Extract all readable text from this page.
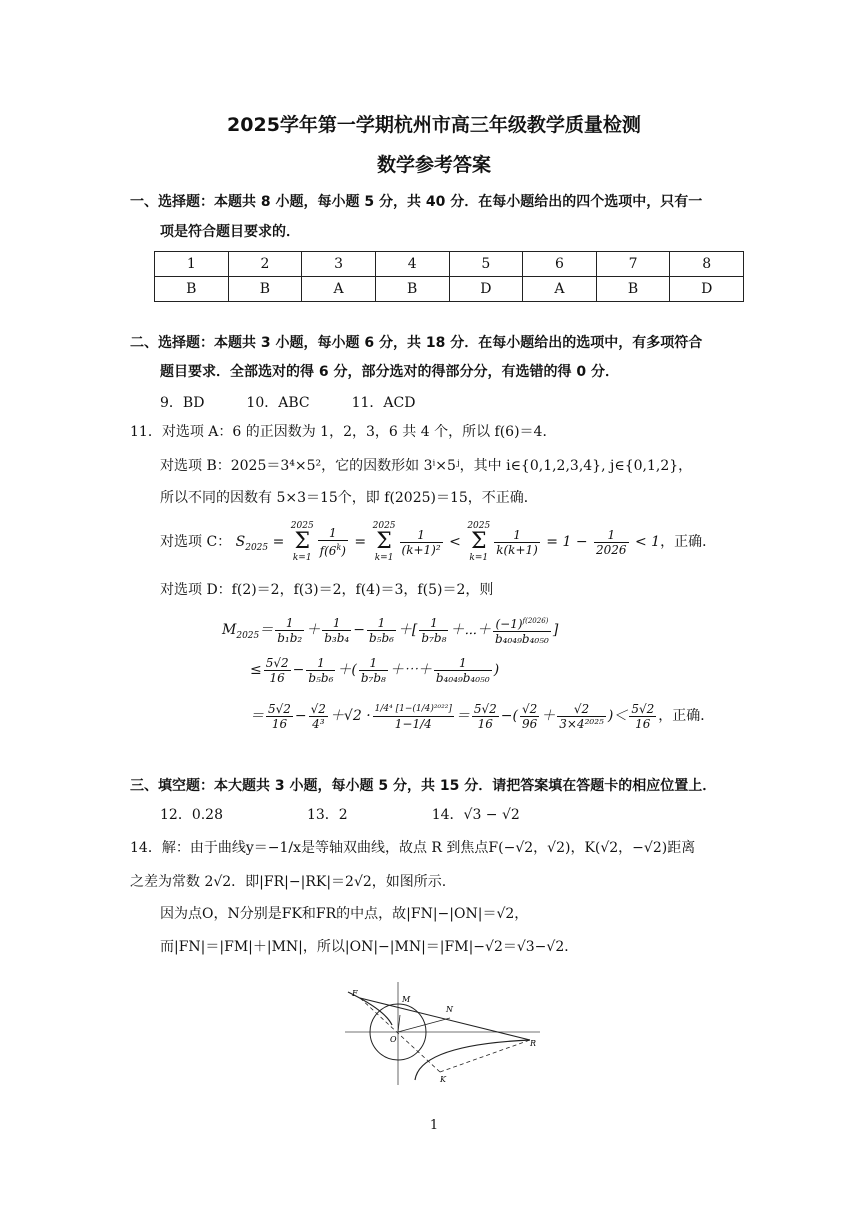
2025学年第一学期杭州市高三年级教学质量检测
数学参考答案
一、选择题：本题共 8 小题，每小题 5 分，共 40 分．在每小题给出的四个选项中，只有一
项是符合题目要求的．
1	2	3	4	5	6	7	8
B	B	A	B	D	A	B	D
二、选择题：本题共 3 小题，每小题 6 分，共 18 分．在每小题给出的选项中，有多项符合
题目要求．全部选对的得 6 分，部分选对的得部分分，有选错的得 0 分．
9．BD　　　10．ABC　　　11．ACD
11．对选项 A：6 的正因数为 1，2，3，6 共 4 个，所以 f(6)＝4．
对选项 B：2025＝3⁴×5²，它的因数形如 3ⁱ×5ʲ，其中 i∈{0,1,2,3,4}, j∈{0,1,2}，
所以不同的因数有 5×3＝15个，即 f(2025)＝15，不正确．
对选项 C： $S_{2025} = 2025$
Σ
$k=1 \frac{1}{f(6^k)} = 2025$
Σ
k=1
$\frac{1}{\text{(k+1)²}} < 2025$
Σ
k=1
$\frac{1}{k(k+1)} = 1 - \frac{1}{2026} < 1$，正确．
对选项 D：f(2)＝2，f(3)＝2，f(4)＝3，f(5)＝2，则
$M_{2025}= \frac{1}{\text{b₁b₂}} + \frac{1}{\text{b₃b₄}} - \frac{1}{\text{b₅b₆}}$ ＋[ $\frac{1}{\text{b₇b₈}}$ ＋⋯＋ $\frac{(-1)^{f(2026)}}{\text{b₄₀₄₉b₄₀₅₀}}$ ]
≤ $\frac{5√2}{16} - \frac{1}{\text{b₅b₆}}$ ＋( $\frac{1}{\text{b₇b₈}}$ ＋⋯＋ $\frac{1}{\text{b₄₀₄₉b₄₀₅₀}}$ )
＝ $\frac{5√2}{16} - \frac{√2}{\text{4³}} +√2 \cdot \frac{\text{1/4⁴ [1−(1/4)²⁰²²]}}{1-1/4} = \frac{5√2}{16}$ −( $\frac{√2}{96} + \frac{√2}{\text{3×4²⁰²⁵}}$ )＜ $\frac{5√2}{16}$ ，正确．
三、填空题：本大题共 3 小题，每小题 5 分，共 15 分．请把答案填在答题卡的相应位置上．
12．0.28　　　　　　13．2　　　　　　14．√3 − √2
14．解：由于曲线y＝−1/x是等轴双曲线，故点 R 到焦点F(−√2，√2)，K(√2，−√2)距离
之差为常数 2√2．即|FR|−|RK|＝2√2，如图所示.
因为点O，N分别是FK和FR的中点，故|FN|−|ON|＝√2，
而|FN|＝|FM|＋|MN|，所以|ON|−|MN|＝|FM|−√2＝√3−√2．
F
M
N
O	R
K
1
